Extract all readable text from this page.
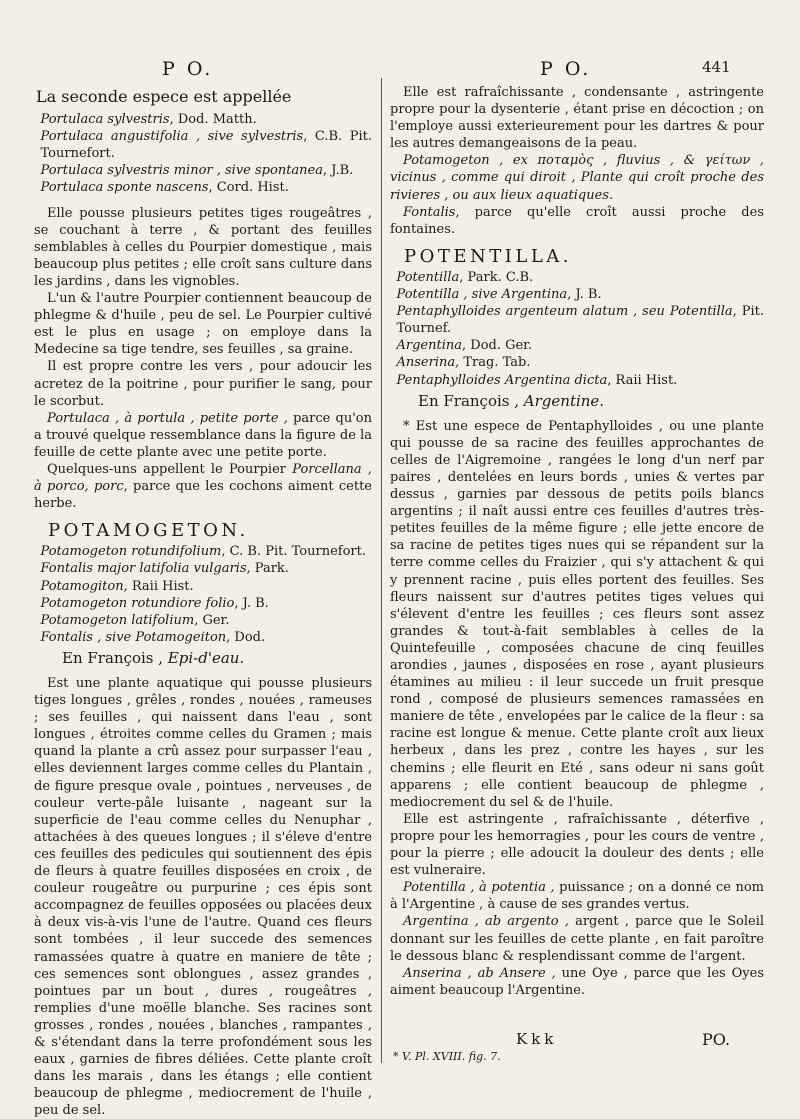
P O.	P O.	441

La seconde espece est appellée

Portulaca sylvestris, Dod. Matth.

Portulaca angustifolia , sive sylvestris, C.B. Pit. Tournefort.

Portulaca sylvestris minor , sive spontanea, J.B.

Portulaca sponte nascens, Cord. Hist.

Elle pousse plusieurs petites tiges rougeâtres , se couchant à terre , & portant des feuilles semblables à celles du Pourpier domestique , mais beaucoup plus petites ; elle croît sans culture dans les jardins , dans les vignobles.

L'un & l'autre Pourpier contiennent beaucoup de phlegme & d'huile , peu de sel. Le Pourpier cultivé est le plus en usage ; on employe dans la Medecine sa tige tendre, ses feuilles , sa graine.

Il est propre contre les vers , pour adoucir les acretez de la poitrine , pour purifier le sang, pour le scorbut.

Portulaca , à portula , petite porte , parce qu'on a trouvé quelque ressemblance dans la figure de la feuille de cette plante avec une petite porte.

Quelques-uns appellent le Pourpier Porcellana , à porco, porc, parce que les cochons aiment cette herbe.

POTAMOGETON.

Potamogeton rotundifolium, C. B. Pit. Tournefort.

Fontalis major latifolia vulgaris, Park.

Potamogiton, Raii Hist.

Potamogeton rotundiore folio, J. B.

Potamogeton latifolium, Ger.

Fontalis , sive Potamogeiton, Dod.

En François , Epi-d'eau.

Est une plante aquatique qui pousse plusieurs tiges longues , grêles , rondes , nouées , rameuses ; ses feuilles , qui naissent dans l'eau , sont longues , étroites comme celles du Gramen ; mais quand la plante a crû assez pour surpasser l'eau , elles deviennent larges comme celles du Plantain , de figure presque ovale , pointues , nerveuses , de couleur verte-pâle luisante , nageant sur la superficie de l'eau comme celles du Nenuphar , attachées à des queues longues ; il s'éleve d'entre ces feuilles des pedicules qui soutiennent des épis de fleurs à quatre feuilles disposées en croix , de couleur rougeâtre ou purpurine ; ces épis sont accompagnez de feuilles opposées ou placées deux à deux vis-à-vis l'une de l'autre. Quand ces fleurs sont tombées , il leur succede des semences ramassées quatre à quatre en maniere de tête ; ces semences sont oblongues , assez grandes , pointues par un bout , dures , rougeâtres , remplies d'une moëlle blanche. Ses racines sont grosses , rondes , nouées , blanches , rampantes , & s'étendant dans la terre profondément sous les eaux , garnies de fibres déliées. Cette plante croît dans les marais , dans les étangs ; elle contient beaucoup de phlegme , mediocrement de l'huile , peu de sel.

Elle est rafraîchissante , condensante , astringente propre pour la dysenterie , étant prise en décoction ; on l'employe aussi exterieurement pour les dartres & pour les autres demangeaisons de la peau.

Potamogeton , ex ποταμὸς , fluvius , & γείτων , vicinus , comme qui diroit , Plante qui croît proche des rivieres , ou aux lieux aquatiques.

Fontalis, parce qu'elle croît aussi proche des fontaines.

POTENTILLA.

Potentilla, Park. C.B.

Potentilla , sive Argentina, J. B.

Pentaphylloides argenteum alatum , seu Potentilla, Pit. Tournef.

Argentina, Dod. Ger.

Anserina, Trag. Tab.

Pentaphylloides Argentina dicta, Raii Hist.

En François , Argentine.

* Est une espece de Pentaphylloides , ou une plante qui pousse de sa racine des feuilles approchantes de celles de l'Aigremoine , rangées le long d'un nerf par paires , dentelées en leurs bords , unies & vertes par dessus , garnies par dessous de petits poils blancs argentins ; il naît aussi entre ces feuilles d'autres très-petites feuilles de la même figure ; elle jette encore de sa racine de petites tiges nues qui se répandent sur la terre comme celles du Fraizier , qui s'y attachent & qui y prennent racine , puis elles portent des feuilles. Ses fleurs naissent sur d'autres petites tiges velues qui s'élevent d'entre les feuilles ; ces fleurs sont assez grandes & tout-à-fait semblables à celles de la Quintefeuille , composées chacune de cinq feuilles arondies , jaunes , disposées en rose , ayant plusieurs étamines au milieu : il leur succede un fruit presque rond , composé de plusieurs semences ramassées en maniere de tête , envelopées par le calice de la fleur : sa racine est longue & menue. Cette plante croît aux lieux herbeux , dans les prez , contre les hayes , sur les chemins ; elle fleurit en Eté , sans odeur ni sans goût apparens ; elle contient beaucoup de phlegme , mediocrement du sel & de l'huile.

Elle est astringente , rafraîchissante , déterfive , propre pour les hemorragies , pour les cours de ventre , pour la pierre ; elle adoucit la douleur des dents ; elle est vulneraire.

Potentilla , à potentia , puissance ; on a donné ce nom à l'Argentine , à cause de ses grandes vertus.

Argentina , ab argento , argent , parce que le Soleil donnant sur les feuilles de cette plante , en fait paroître le dessous blanc & resplendissant comme de l'argent.

Anserina , ab Ansere , une Oye , parce que les Oyes aiment beaucoup l'Argentine.

Kkk	PO.
* V. Pl. XVIII. fig. 7.
